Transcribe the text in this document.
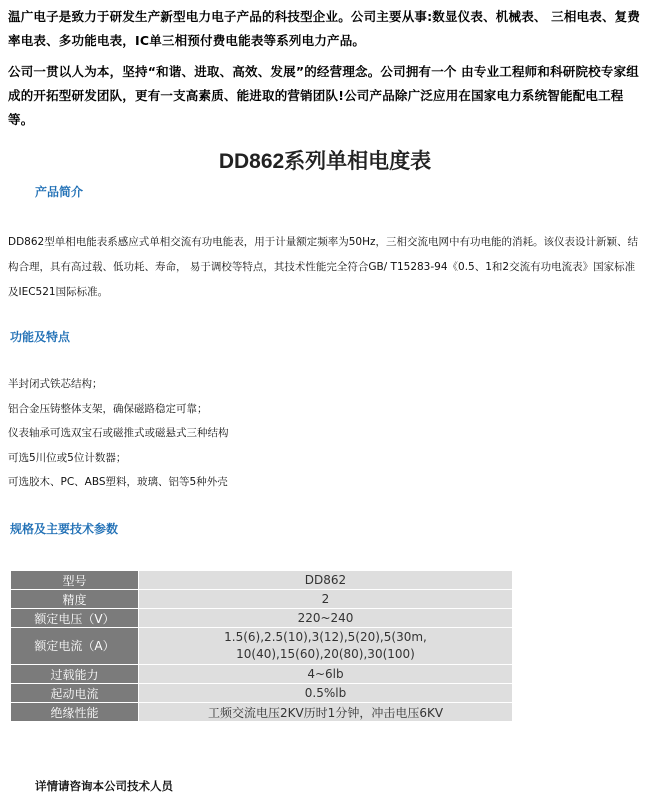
温广电子是致力于研发生产新型电力电子产品的科技型企业。公司主要从事:数显仪表、机械表、 三相电表、复费率电表、多功能电表，IC单三相预付费电能表等系列电力产品。
公司一贯以人为本，坚持“和谐、进取、高效、发展”的经营理念。公司拥有一个 由专业工程师和科研院校专家组成的开拓型研发团队，更有一支高素质、能进取的营销团队!公司产品除广泛应用在国家电力系统智能配电工程等。
DD862系列单相电度表
产品简介
DD862型单相电能表系感应式单相交流有功电能表，用于计量额定频率为50Hz，三相交流电网中有功电能的消耗。该仪表设计新颖、结构合理，具有高过载、低功耗、寿命， 易于调校等特点，其技术性能完全符合GB/ T15283-94《0.5、1和2交流有功电流表》国家标准及IEC521国际标准。
功能及特点
半封闭式铁芯结构；
铝合金压铸整体支架，确保磁路稳定可靠；
仪表轴承可选双宝石或磁推式或磁悬式三种结构
可选5川位或5位计数器；
可选胶木、PC、ABS塑料，玻璃、铝等5种外壳
规格及主要技术参数
型号	DD862
精度	2
额定电压（V）	220~240
额定电流（A）	1.5(6),2.5(10),3(12),5(20),5(30m,
10(40),15(60),20(80),30(100)

过载能力	4~6lb
起动电流	0.5%lb
绝缘性能	工频交流电压2KV历时1分钟，冲击电压6KV
详情请咨询本公司技术人员
